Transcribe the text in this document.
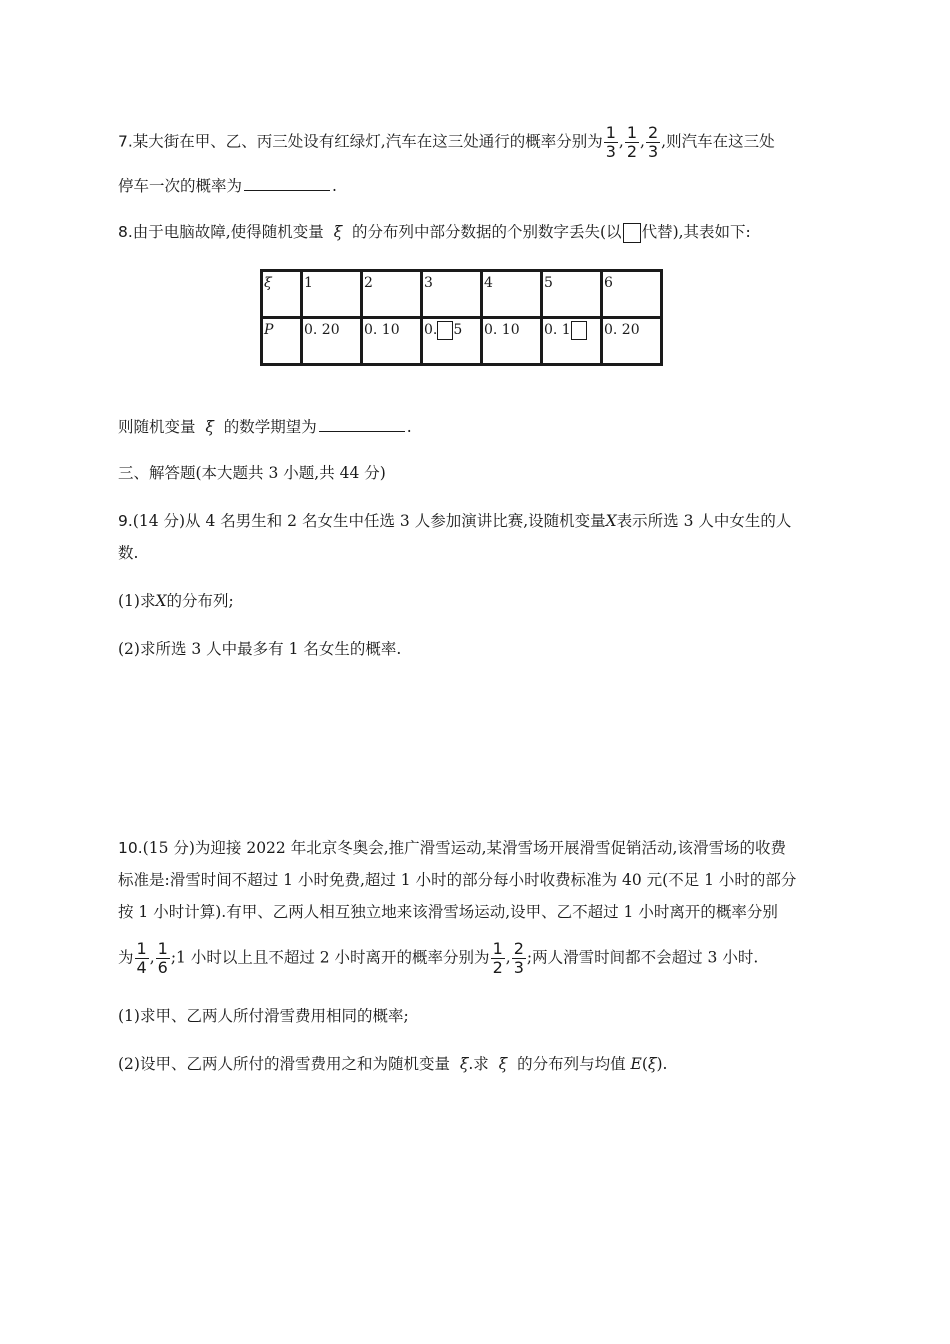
7.某大街在甲、乙、丙三处设有红绿灯,汽车在这三处通行的概率分别为 $\frac{1}{3}$ , $\frac{1}{2}$ , $\frac{2}{3}$ ,则汽车在这三处
停车一次的概率为	.
8.由于电脑故障,使得随机变量 ξ 的分布列中部分数据的个别数字丢失(以 代替),其表如下:
ξ	1	2	3	4	5	6
P	0. 20	0. 10	0. 5	0. 10	0. 1	0. 20
则随机变量 ξ 的数学期望为	.
三、解答题(本大题共 3 小题,共 44 分)
9.(14 分)从 4 名男生和 2 名女生中任选 3 人参加演讲比赛,设随机变量X表示所选 3 人中女生的人
数.
(1)求X的分布列;
(2)求所选 3 人中最多有 1 名女生的概率.
10.(15 分)为迎接 2022 年北京冬奥会,推广滑雪运动,某滑雪场开展滑雪促销活动,该滑雪场的收费
标准是:滑雪时间不超过 1 小时免费,超过 1 小时的部分每小时收费标准为 40 元(不足 1 小时的部分
按 1 小时计算).有甲、乙两人相互独立地来该滑雪场运动,设甲、乙不超过 1 小时离开的概率分别
为 $\frac{1}{4}$ , $\frac{1}{6}$ ;1 小时以上且不超过 2 小时离开的概率分别为 $\frac{1}{2}$ , $\frac{2}{3}$ ;两人滑雪时间都不会超过 3 小时.
(1)求甲、乙两人所付滑雪费用相同的概率;
(2)设甲、乙两人所付的滑雪费用之和为随机变量 ξ.求 ξ 的分布列与均值 E(ξ).
